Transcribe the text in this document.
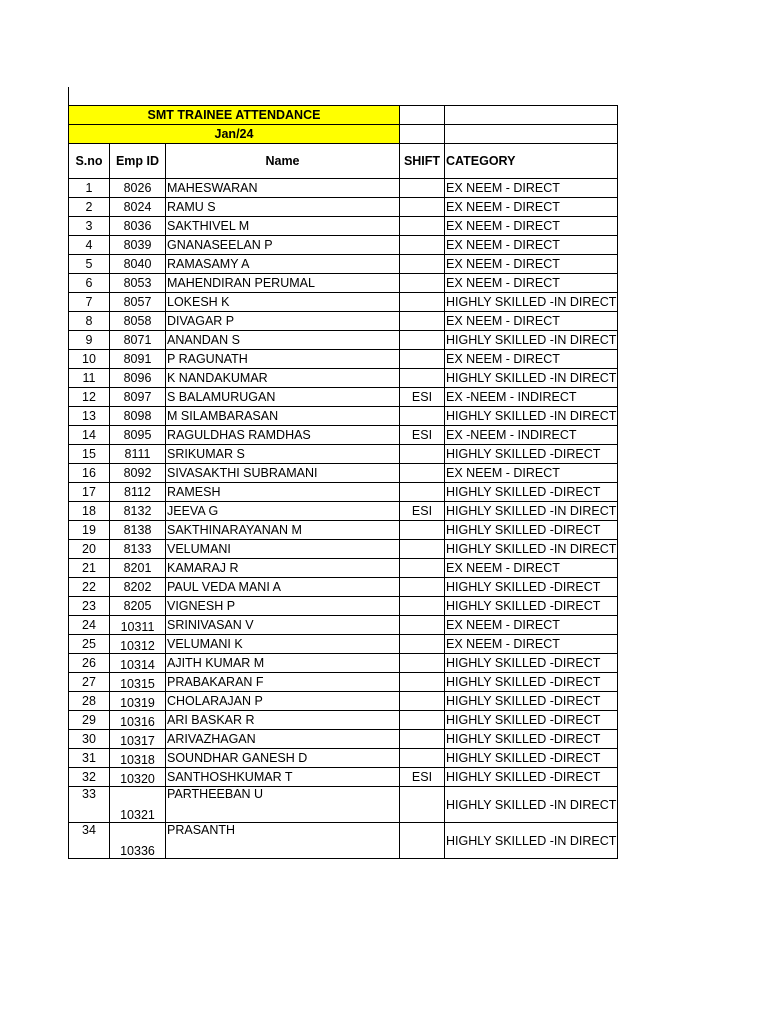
SMT TRAINEE ATTENDANCE				
Jan/24				
S.no	Emp ID	Name	SHIFT	CATEGORY
1	8026	MAHESWARAN		EX NEEM - DIRECT
2	8024	RAMU S		EX NEEM - DIRECT
3	8036	SAKTHIVEL M		EX NEEM - DIRECT
4	8039	GNANASEELAN P		EX NEEM - DIRECT
5	8040	RAMASAMY A		EX NEEM - DIRECT
6	8053	MAHENDIRAN PERUMAL		EX NEEM - DIRECT
7	8057	LOKESH K		HIGHLY SKILLED -IN DIRECT
8	8058	DIVAGAR P		EX NEEM - DIRECT
9	8071	ANANDAN S		HIGHLY SKILLED -IN DIRECT
10	8091	P RAGUNATH		EX NEEM - DIRECT
11	8096	K NANDAKUMAR		HIGHLY SKILLED -IN DIRECT
12	8097	S BALAMURUGAN	ESI	EX -NEEM - INDIRECT
13	8098	M SILAMBARASAN		HIGHLY SKILLED -IN DIRECT
14	8095	RAGULDHAS RAMDHAS	ESI	EX -NEEM - INDIRECT
15	8111	SRIKUMAR S		HIGHLY SKILLED -DIRECT
16	8092	SIVASAKTHI SUBRAMANI		EX NEEM - DIRECT
17	8112	RAMESH		HIGHLY SKILLED -DIRECT
18	8132	JEEVA G	ESI	HIGHLY SKILLED -IN DIRECT
19	8138	SAKTHINARAYANAN M		HIGHLY SKILLED -DIRECT
20	8133	VELUMANI		HIGHLY SKILLED -IN DIRECT
21	8201	KAMARAJ R		EX NEEM - DIRECT
22	8202	PAUL VEDA MANI A		HIGHLY SKILLED -DIRECT
23	8205	VIGNESH P		HIGHLY SKILLED -DIRECT
24	10311	SRINIVASAN V		EX NEEM - DIRECT
25	10312	VELUMANI K		EX NEEM - DIRECT
26	10314	AJITH KUMAR M		HIGHLY SKILLED -DIRECT
27	10315	PRABAKARAN F		HIGHLY SKILLED -DIRECT
28	10319	CHOLARAJAN P		HIGHLY SKILLED -DIRECT
29	10316	ARI BASKAR R		HIGHLY SKILLED -DIRECT
30	10317	ARIVAZHAGAN		HIGHLY SKILLED -DIRECT
31	10318	SOUNDHAR GANESH D		HIGHLY SKILLED -DIRECT
32	10320	SANTHOSHKUMAR T	ESI	HIGHLY SKILLED -DIRECT
33	10321	PARTHEEBAN U		HIGHLY SKILLED -IN DIRECT
34	10336	PRASANTH		HIGHLY SKILLED -IN DIRECT
